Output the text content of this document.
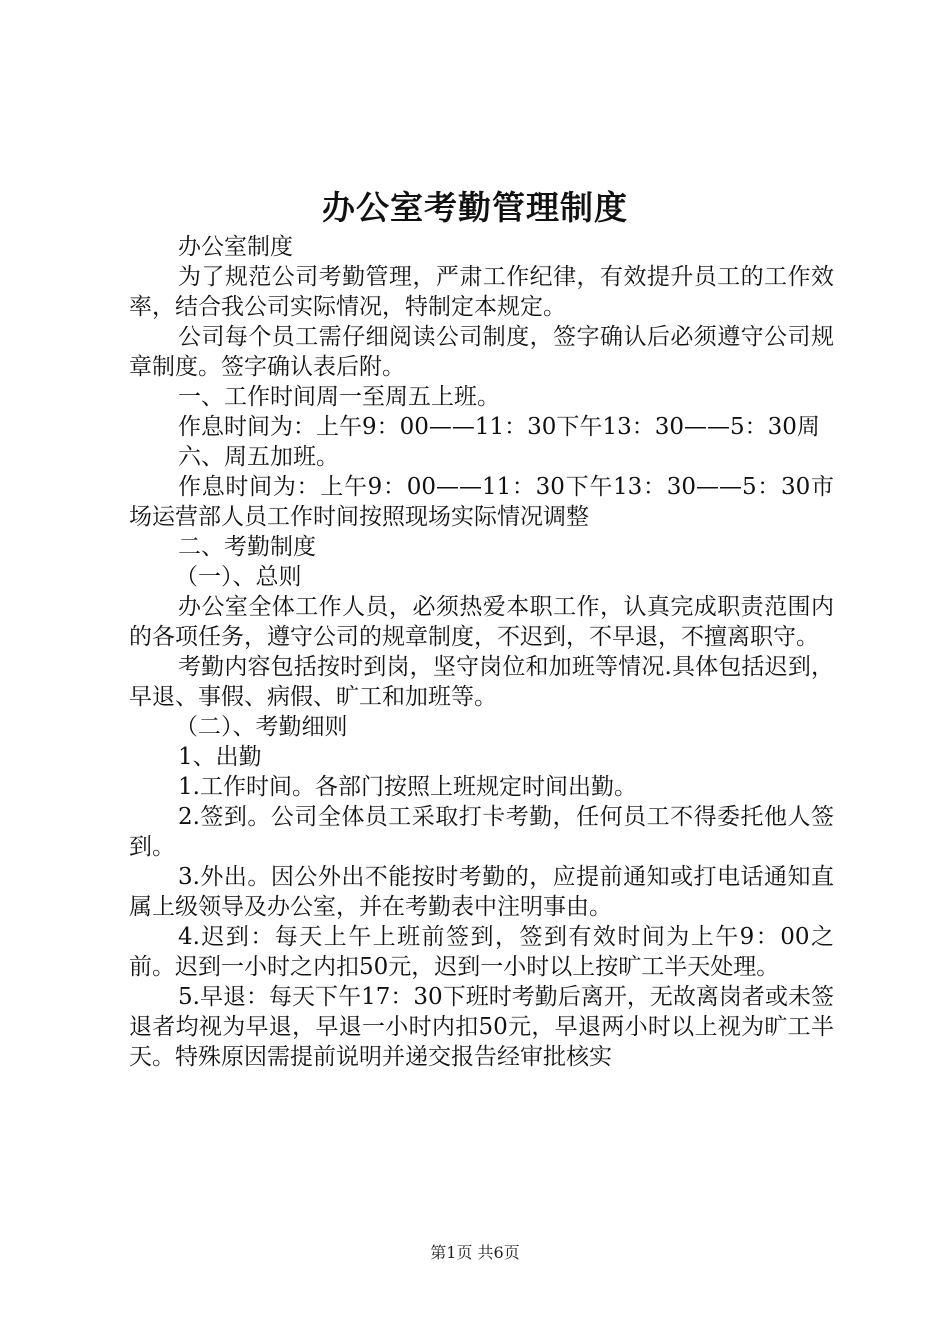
办公室考勤管理制度

办公室制度

为了规范公司考勤管理，严肃工作纪律，有效提升员工的工作效率，结合我公司实际情况，特制定本规定。

公司每个员工需仔细阅读公司制度，签字确认后必须遵守公司规章制度。签字确认表后附。

一、工作时间周一至周五上班。

作息时间为：上午9：00——11：30下午13：30——5：30周

六、周五加班。

作息时间为：上午9：00——11：30下午13：30——5：30市场运营部人员工作时间按照现场实际情况调整

二、考勤制度

（一）、总则

办公室全体工作人员，必须热爱本职工作，认真完成职责范围内的各项任务，遵守公司的规章制度，不迟到，不早退，不擅离职守。

考勤内容包括按时到岗，坚守岗位和加班等情况.具体包括迟到，早退、事假、病假、旷工和加班等。

（二）、考勤细则

1、出勤

1.工作时间。各部门按照上班规定时间出勤。

2.签到。公司全体员工采取打卡考勤，任何员工不得委托他人签到。

3.外出。因公外出不能按时考勤的，应提前通知或打电话通知直属上级领导及办公室，并在考勤表中注明事由。

4.迟到：每天上午上班前签到，签到有效时间为上午9：00之前。迟到一小时之内扣50元，迟到一小时以上按旷工半天处理。

5.早退：每天下午17：30下班时考勤后离开，无故离岗者或未签退者均视为早退，早退一小时内扣50元，早退两小时以上视为旷工半天。特殊原因需提前说明并递交报告经审批核实

第1页 共6页
